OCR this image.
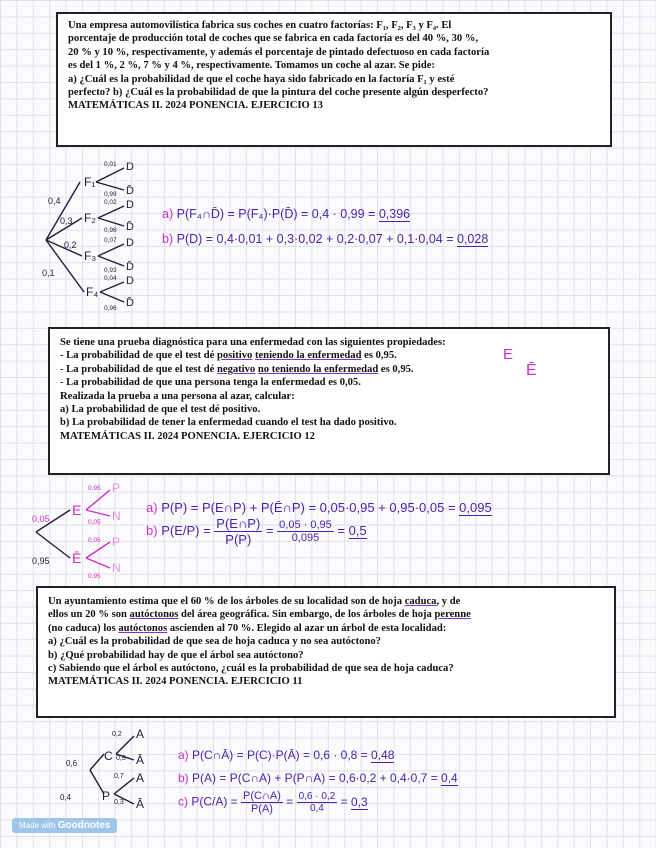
Una empresa automovilística fabrica sus coches en cuatro factorías: F₁, F₂, F₃ y F₄. El

porcentaje de producción total de coches que se fabrica en cada factoría es del 40 %, 30 %,

20 % y 10 %, respectivamente, y además el porcentaje de pintado defectuoso en cada factoría

es del 1 %, 2 %, 7 % y 4 %, respectivamente. Tomamos un coche al azar. Se pide:

a) ¿Cuál es la probabilidad de que el coche haya sido fabricado en la factoría F₁ y esté

perfecto? b) ¿Cuál es la probabilidad de que la pintura del coche presente algún desperfecto?

MATEMÁTICAS II. 2024 PONENCIA. EJERCICIO 13

0,4
0,3
0,2
0,1
F₁
F₂
F₃
F₄
0,01
0,99
0,02
0,98
0,07
0,93
0,04
0,96
D
D̄
D
D̄
D
D̄
D
D̄
a) P(F₄∩D̄) = P(F₄)·P(D̄) = 0,4 · 0,99 = 0,396
b) P(D) = 0,4·0,01 + 0,3·0,02 + 0,2·0,07 + 0,1·0,04 = 0,028

Se tiene una prueba diagnóstica para una enfermedad con las siguientes propiedades:

- La probabilidad de que el test dé positivo teniendo la enfermedad es 0,95.

- La probabilidad de que el test dé negativo no teniendo la enfermedad es 0,95.

- La probabilidad de que una persona tenga la enfermedad es 0,05.

Realizada la prueba a una persona al azar, calcular:

a) La probabilidad de que el test dé positivo.

b) La probabilidad de tener la enfermedad cuando el test ha dado positivo.

MATEMÁTICAS II. 2024 PONENCIA. EJERCICIO 12

E
Ē
0,05
0,95
E
Ē
0,95
0,05
0,05
0,95
P
N
P
N
a) P(P) = P(E∩P) + P(Ē∩P) = 0,05·0,95 + 0,95·0,05 = 0,095
b) $P(E/P) = \frac{P(E\cap P)}{P(P)} = \frac{0,05 \cdot 0,95}{0,095} = 0,5$

Un ayuntamiento estima que el 60 % de los árboles de su localidad son de hoja caduca, y de

ellos un 20 % son autóctonos del área geográfica. Sin embargo, de los árboles de hoja perenne

(no caduca) los autóctonos ascienden al 70 %. Elegido al azar un árbol de esta localidad:

a) ¿Cuál es la probabilidad de que sea de hoja caduca y no sea autóctono?

b) ¿Qué probabilidad hay de que el árbol sea autóctono?

c) Sabiendo que el árbol es autóctono, ¿cuál es la probabilidad de que sea de hoja caduca?

MATEMÁTICAS II. 2024 PONENCIA. EJERCICIO 11

0,6
0,4
C
P
0,2
0,8
0,7
0,3
A
Ā
A
Ā
a) P(C∩Ā) = P(C)·P(Ā) = 0,6 · 0,8 = 0,48
b) P(A) = P(C∩A) + P(P∩A) = 0,6·0,2 + 0,4·0,7 = 0,4
c) $P(C/A) = \frac{P(C\cap A)}{P(A)} = \frac{0,6 \cdot 0,2}{0,4} = 0,3$
Made with Goodnotes
